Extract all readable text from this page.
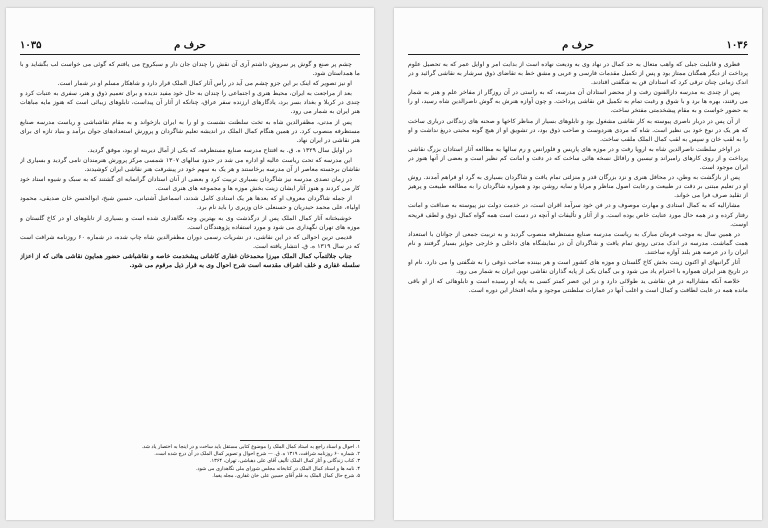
۱۰۳۵	حرف م

چشم پر صنع و گوش پر سروش داشتم آری آن نقش را چندان جان دار و سبکروح می یافتم که گوئی می خواست لب بگشاید و با ما همداستان شود.

او نیز تصویر که اینک بر این جزو چشم می آید در رأس آثار کمال الملک قرار دارد و شاهکار مسلم او در شمار است.

بعد از مراجعت به ایران، محیط هنری و اجتماعی را چندان به حال خود مفید ندیده و برای تعمیم ذوق و هنر، سفری به عتبات کرد و چندی در کربلا و بغداد بسر برد، یادگارهای ارزنده سفر عراق، چنانکه از آثار آن پیداست، تابلوهای زیبائی است که هنوز مایه مباهات هنر ایران به شمار می رود.

پس از مدتی، مظفرالدین شاه به تخت سلطنت نشست و او را به ایران بازخواند و به مقام نقاشباشی و ریاست مدرسه صنایع مستظرفه منصوب کرد. در همین هنگام کمال الملک در اندیشه تعلیم شاگردان و پرورش استعدادهای جوان برآمد و بنیاد تازه ای برای هنر نقاشی در ایران نهاد.

در اوایل سال ۱۳۲۹ ه. ق. به افتتاح مدرسه صنایع مستظرفه، که یکی از آمال دیرینه او بود، موفق گردید.

این مدرسه که تحت ریاست عالیه او اداره می شد در حدود سالهای ۱۳۰۷ شمسی مرکز پرورش هنرمندان نامی گردید و بسیاری از نقاشان برجسته معاصر از آن مدرسه برخاستند و هر یک به سهم خود در پیشرفت هنر نقاشی ایران کوشیدند.

در زمان تصدی مدرسه نیز شاگردان بسیاری تربیت کرد و بعضی از آنان استادان گرانمایه ای گشتند که به سبک و شیوه استاد خود کار می کردند و هنوز آثار ایشان زینت بخش موزه ها و مجموعه های هنری است.

از جمله شاگردان معروف او که بعدها هر یک استادی کامل شدند، اسماعیل آشتیانی، حسین شیخ، ابوالحسن خان صدیقی، محمود اولیاء، علی محمد حیدریان و حسنعلی خان وزیری را باید نام برد.

خوشبختانه آثار کمال الملک پس از درگذشت وی به بهترین وجه نگاهداری شده است و بسیاری از تابلوهای او در کاخ گلستان و موزه های تهران نگهداری می شود و مورد استفاده پژوهندگان است.

قدیمی ترین احوالی که در این نقاشی، در نشریات رسمی دوران مظفرالدین شاه چاپ شده، در شماره ۶۰ روزنامه شرافت است که در سال ۱۳۱۹ ه. ق. انتشار یافته است.

جناب جلالتمآب کمال الملک میرزا محمدخان غفاری کاشانی پیشخدمت خاصه و نقاشباشی حضور همایون نقاشی هائی که از اعزاز سلسله غفاری و خلف اشراف مقدسه است شرح احوال وی به قرار ذیل مرقوم می شود.

۱. احوال و اسناد راجع به استاد کمال الملک را موضوع کتابی مستقل باید ساخت و در اینجا به اختصار یاد شد.

۲. شماره ۶۰ روزنامه شرافت، ۱۳۱۹ ه. ق. — شرح احوال و تصویر کمال الملک در آن درج شده است.

۳. کتاب زندگانی و آثار کمال الملک تألیف آقای علی دهباشی، تهران، ۱۳۶۴.

۴. نامه ها و اسناد کمال الملک در کتابخانه مجلس شورای ملی نگاهداری می شود.

۵. شرح حال کمال الملک به قلم آقای حسین علی خان غفاری، مجله یغما.

۱۰۳۶
حرف م

فطری و قابلیت جبلی که واهب متعال به حد کمال در نهاد وی به ودیعت نهاده است از بدایت امر و اوایل عمر که به تحصیل علوم پرداخت از دیگر همگنان ممتاز بود و پس از تکمیل مقدمات فارسی و عربی و مشق خط به تقاضای ذوق سرشار به نقاشی گرائید و در اندک زمانی چنان ترقی کرد که استادان فن به شگفتی افتادند.

پس از چندی به مدرسه دارالفنون رفت و از محضر استادان آن مدرسه، که به راستی در آن روزگار از مفاخر علم و هنر به شمار می رفتند، بهره ها برد و با شوق و رغبت تمام به تکمیل فن نقاشی پرداخت. و چون آوازه هنرش به گوش ناصرالدین شاه رسید، او را به حضور خواست و به مقام پیشخدمتی مفتخر ساخت.

از آن پس در دربار ناصری پیوسته به کار نقاشی مشغول بود و تابلوهای بسیار از مناظر کاخها و صحنه های زندگانی درباری ساخت که هر یک در نوع خود بی نظیر است. شاه که مردی هنردوست و صاحب ذوق بود، در تشویق او از هیچ گونه محبتی دریغ نداشت و او را به لقب خان و سپس به لقب کمال الملک ملقب ساخت.

در اواخر سلطنت ناصرالدین شاه به اروپا رفت و در موزه های پاریس و فلورانس و رم سالها به مطالعه آثار استادان بزرگ نقاشی پرداخت و از روی کارهای رامبراند و تیسین و رافائل نسخه هائی ساخت که در دقت و امانت کم نظیر است و بعضی از آنها هنوز در ایران موجود است.

پس از بازگشت به وطن، در محافل هنری و نزد بزرگان قدر و منزلتی تمام یافت و شاگردان بسیاری به گرد او فراهم آمدند. روش او در تعلیم مبتنی بر دقت در طبیعت و رعایت اصول مناظر و مرایا و سایه روشن بود و همواره شاگردان را به مطالعه طبیعت و پرهیز از تقلید صرف فرا می خواند.

مشارالیه که به کمال استادی و مهارت موصوف و در فن خود سرآمد اقران است، در خدمت دولت نیز پیوسته به صداقت و امانت رفتار کرده و در همه حال مورد عنایت خاص بوده است. و از آثار و تألیفات او آنچه در دست است همه گواه کمال ذوق و لطف قریحه اوست.

در همین سال به موجب فرمان مبارک به ریاست مدرسه صنایع مستظرفه منصوب گردید و به تربیت جمعی از جوانان با استعداد همت گماشت. مدرسه در اندک مدتی رونق تمام یافت و شاگردان آن در نمایشگاه های داخلی و خارجی جوایز بسیار گرفتند و نام ایران را در عرصه هنر بلند آوازه ساختند.

آثار گرانبهای او اکنون زینت بخش کاخ گلستان و موزه های کشور است و هر بیننده صاحب ذوقی را به شگفتی وا می دارد. نام او در تاریخ هنر ایران همواره با احترام یاد می شود و بی گمان یکی از پایه گذاران نقاشی نوین ایران به شمار می رود.

خلاصه آنکه مشارالیه در فن نقاشی ید طولائی دارد و در این عصر کمتر کسی به پایه او رسیده است و تابلوهائی که از او باقی مانده همه در غایت لطافت و کمال است و اغلب آنها در عمارات سلطنتی موجود و مایه افتخار این دوره است.
